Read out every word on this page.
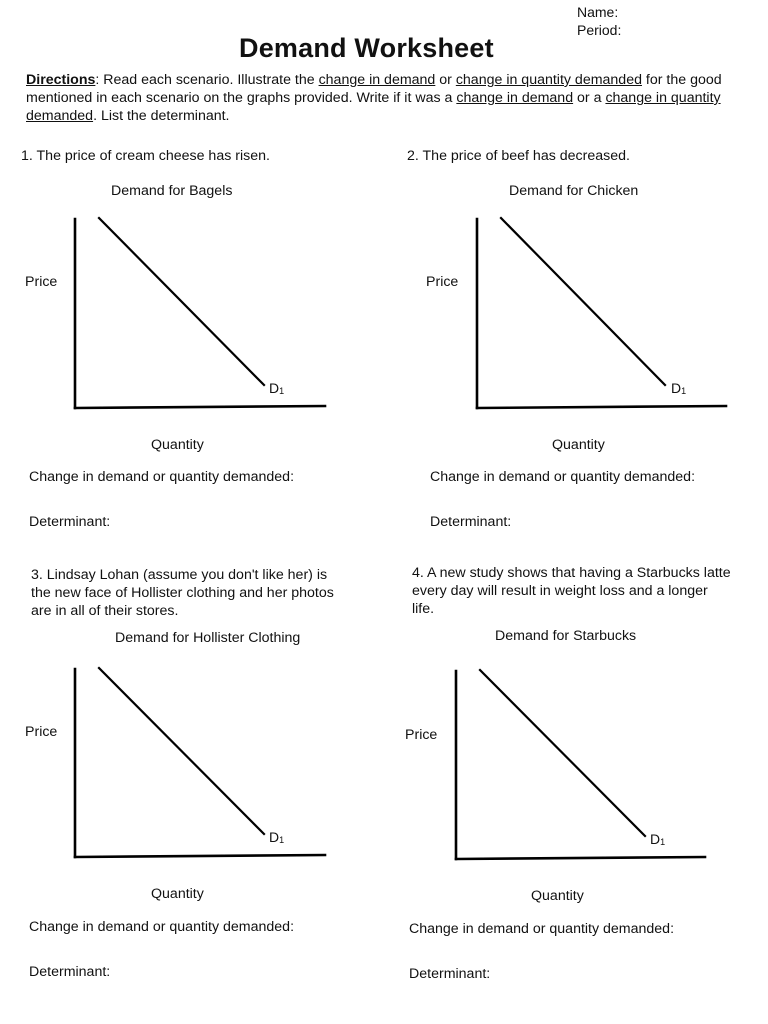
Name:
Period:
Demand Worksheet
Directions: Read each scenario. Illustrate the change in demand or change in quantity demanded for the good mentioned in each scenario on the graphs provided. Write if it was a change in demand or a change in quantity demanded. List the determinant.
1. The price of cream cheese has risen.
Demand for Bagels
Price
$D_1$
Quantity
Change in demand or quantity demanded:
Determinant:
2. The price of beef has decreased.
Demand for Chicken
Price
$D_1$
Quantity
Change in demand or quantity demanded:
Determinant:
3. Lindsay Lohan (assume you don't like her) is the new face of Hollister clothing and her photos are in all of their stores.
Demand for Hollister Clothing
Price
$D_1$
Quantity
Change in demand or quantity demanded:
Determinant:
4. A new study shows that having a Starbucks latte every day will result in weight loss and a longer life.
Demand for Starbucks
Price
$D_1$
Quantity
Change in demand or quantity demanded:
Determinant:
